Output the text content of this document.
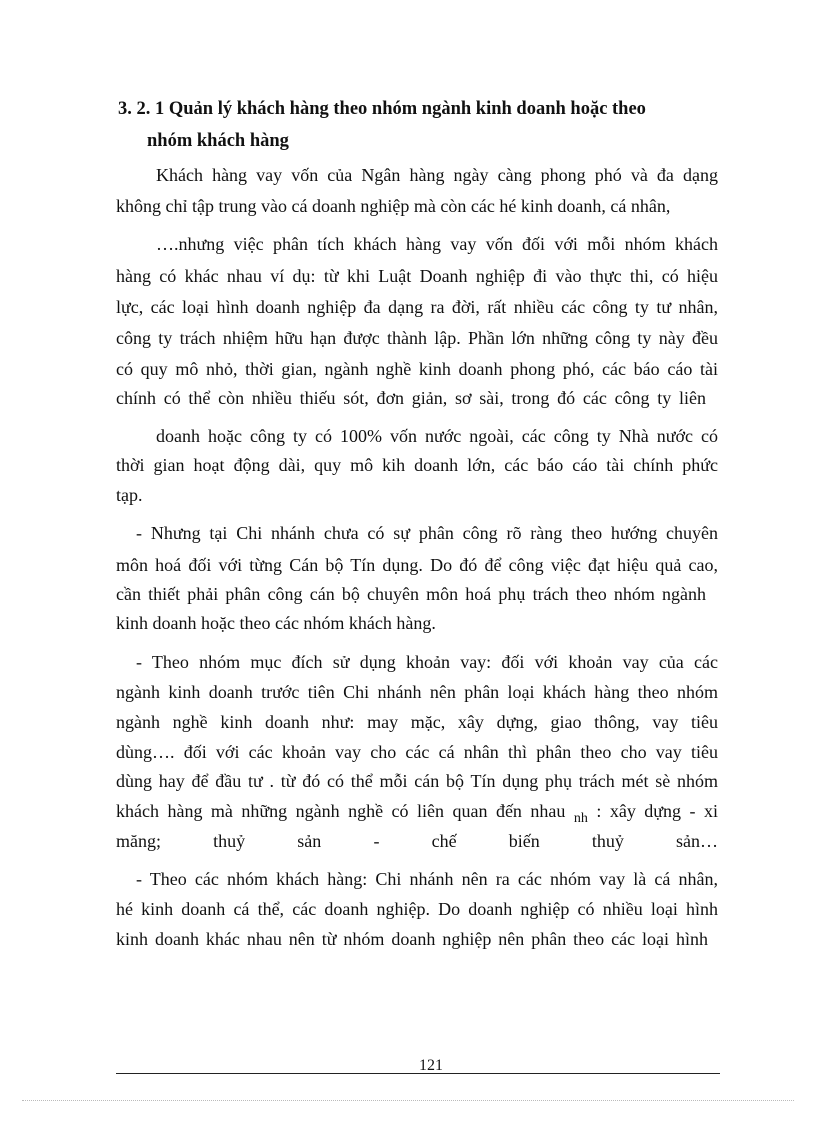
3. 2. 1 Quản lý khách hàng theo nhóm ngành kinh doanh hoặc theo
nhóm khách hàng
Khách hàng vay vốn của Ngân hàng ngày càng phong phó và đa dạng
không chỉ tập trung vào cá doanh nghiệp mà còn các hé kinh doanh, cá nhân,
….nhưng việc phân tích khách hàng vay vốn đối với mỗi nhóm khách
hàng có khác nhau ví dụ: từ khi Luật Doanh nghiệp đi vào thực thi, có hiệu
lực, các loại hình doanh nghiệp đa dạng ra đời, rất nhiều các công ty tư nhân,
công ty trách nhiệm hữu hạn được thành lập. Phần lớn những công ty này đều
có quy mô nhỏ, thời gian, ngành nghề kinh doanh phong phó, các báo cáo tài
chính có thể còn nhiều thiếu sót, đơn giản, sơ sài, trong đó các công ty liên
doanh hoặc công ty có 100% vốn nước ngoài, các công ty Nhà nước có
thời gian hoạt động dài, quy mô kih doanh lớn, các báo cáo tài chính phức
tạp.
- Nhưng tại Chi nhánh chưa có sự phân công rõ ràng theo hướng chuyên
môn hoá đối với từng Cán bộ Tín dụng. Do đó để công việc đạt hiệu quả cao,
cần thiết phải phân công cán bộ chuyên môn hoá phụ trách theo nhóm ngành
kinh doanh hoặc theo các nhóm khách hàng.
- Theo nhóm mục đích sử dụng khoản vay: đối với khoản vay của các
ngành kinh doanh trước tiên Chi nhánh nên phân loại khách hàng theo nhóm
ngành nghề kinh doanh như: may mặc, xây dựng, giao thông, vay tiêu
dùng…. đối với các khoản vay cho các cá nhân thì phân theo cho vay tiêu
dùng hay để đầu tư . từ đó có thể mỗi cán bộ Tín dụng phụ trách mét sè nhóm
khách hàng mà những ngành nghề có liên quan đến nhau $_{nh}$ : xây dựng - xi
măng;	thuỷ	sản	-	chế	biến	thuỷ	sản…
- Theo các nhóm khách hàng: Chi nhánh nên ra các nhóm vay là cá nhân,
hé kinh doanh cá thể, các doanh nghiệp. Do doanh nghiệp có nhiều loại hình
kinh doanh khác nhau nên từ nhóm doanh nghiệp nên phân theo các loại hình
121
